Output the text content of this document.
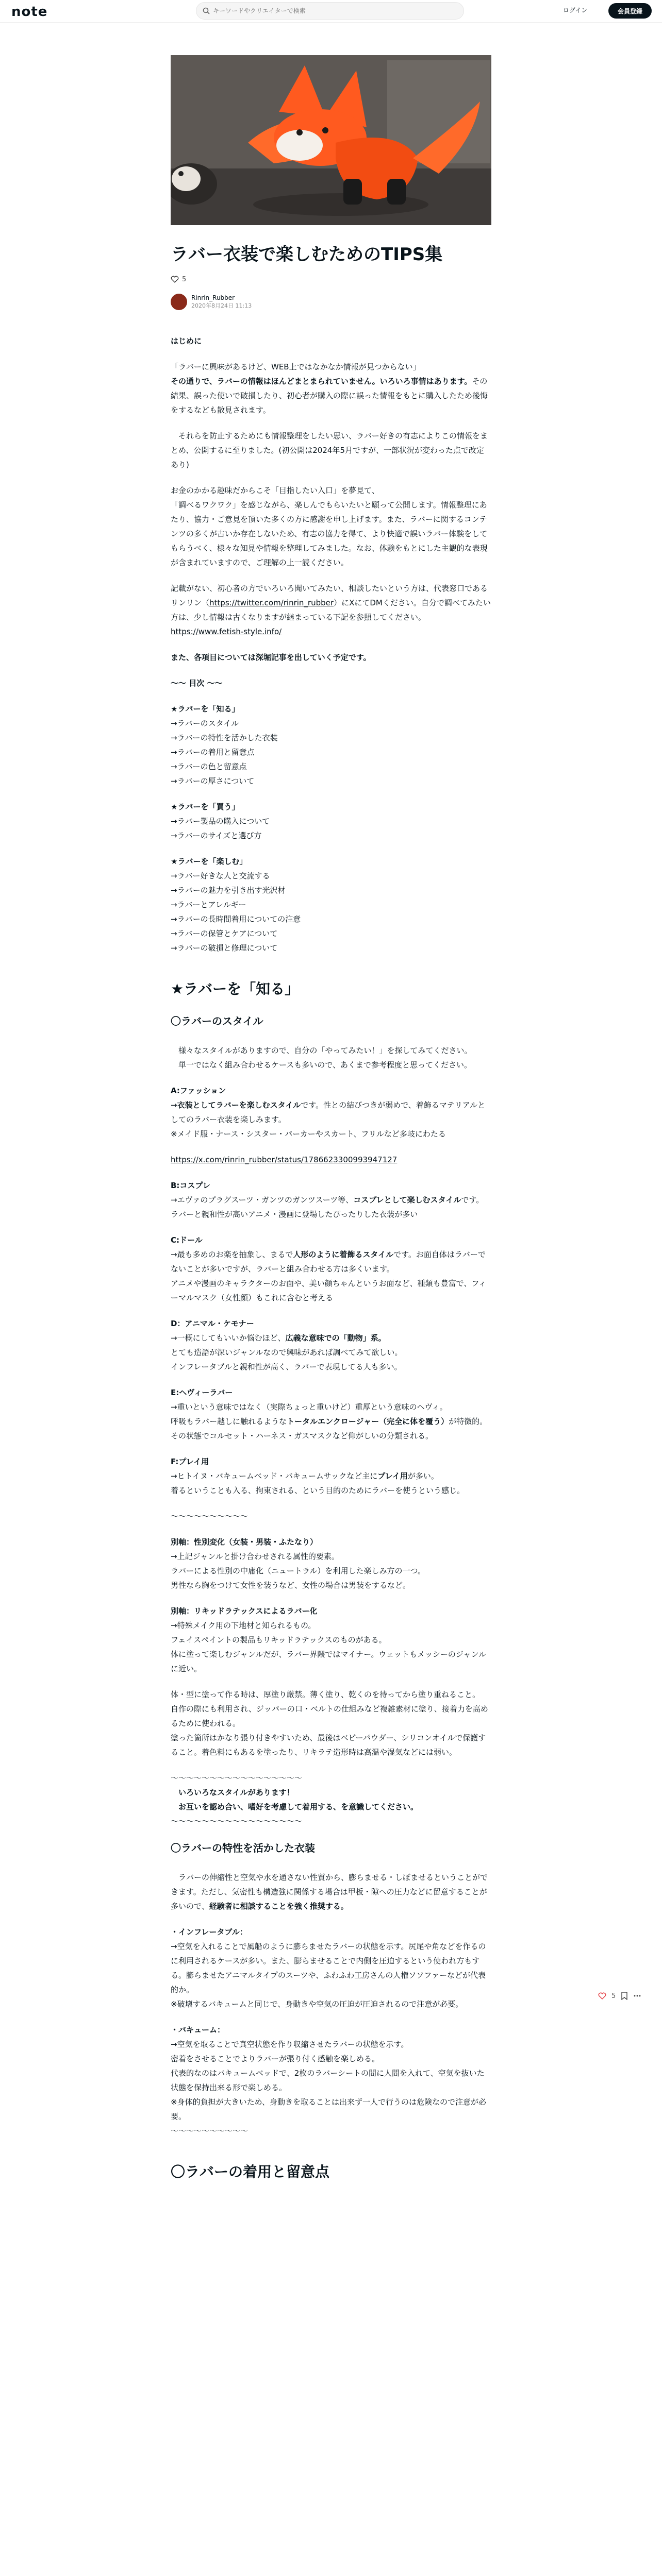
note
キーワードやクリエイターで検索	ログイン	会員登録
ラバー衣装で楽しむためのTIPS集
5
Rinrin_Rubber
2020年8月24日 11:13

はじめに

「ラバーに興味があるけど、WEB上ではなかなか情報が見つからない」
その通りで、ラバーの情報はほんどまとまられていません。いろいろ事情はあります。その結果、誤った使いで破損したり、初心者が購入の際に誤った情報をもとに購入したため後悔をするなども散見されます。

　それらを防止するためにも情報整理をしたい思い、ラバー好きの有志によりこの情報をまとめ、公開するに至りました。(初公開は2024年5月ですが、一部状況が変わった点で改定あり)

お金のかかる趣味だからこそ「目指したい入口」を夢見て、
「調べるワクワク」を感じながら、楽しんでもらいたいと願って公開します。情報整理にあたり、協力・ご意見を頂いた多くの方に感謝を申し上げます。また、ラバーに関するコンテンツの多くが古いか存在しないため、有志の協力を得て、より快適で誤いラバー体験をしてもらうべく、様々な知見や情報を整理してみました。なお、体験をもとにした主観的な表現が含まれていますので、ご理解の上一読ください。

記載がない、初心者の方でいろいろ聞いてみたい、相談したいという方は、代表窓口であるリンリン（https://twitter.com/rinrin_rubber）にXにてDMください。自分で調べてみたい方は、少し情報は古くなりますが継まっている下記を参照してください。
https://www.fetish-style.info/

また、各項目については深堀記事を出していく予定です。

〜〜 目次 〜〜

★ラバーを「知る」
→ラバーのスタイル
→ラバーの特性を活かした衣装
→ラバーの着用と留意点
→ラバーの色と留意点
→ラバーの厚さについて

★ラバーを「買う」
→ラバー製品の購入について
→ラバーのサイズと選び方

★ラバーを「楽しむ」
→ラバー好きな人と交流する
→ラバーの魅力を引き出す光沢材
→ラバーとアレルギー
→ラバーの長時間着用についての注意
→ラバーの保管とケアについて
→ラバーの破損と修理について

★ラバーを「知る」
〇ラバーのスタイル

　様々なスタイルがありますので、自分の「やってみたい！」を探してみてください。
　単一ではなく組み合わせるケースも多いので、あくまで参考程度と思ってください。

A:ファッション
→衣装としてラバーを楽しむスタイルです。性との結びつきが弱めで、着飾るマテリアルとしてのラバー衣装を楽しみます。
※メイド服・ナース・シスター・パーカーやスカート、フリルなど多岐にわたる

https://x.com/rinrin_rubber/status/1786623300993947127

B:コスプレ
→エヴァのプラグスーツ・ガンツのガンツスーツ等、コスプレとして楽しむスタイルです。ラバーと親和性が高いアニメ・漫画に登場したぴったりした衣装が多い

C:ドール
→最も多めのお楽を抽象し、まるで人形のように着飾るスタイルです。お面自体はラバーでないことが多いですが、ラバーと組み合わせる方は多くいます。
アニメや漫画のキャラクターのお面や、美い顔ちゃんというお面など、種類も豊富で、フィーマルマスク（女性顔）もこれに含むと考える

D：アニマル・ケモナー
→一概にしてもいいか悩むほど、広義な意味での「動物」系。
とても造語が深いジャンルなので興味があれば調べてみて欲しい。
インフレータブルと親和性が高く、ラバーで表現してる人も多い。

E:ヘヴィーラバー
→重いという意味ではなく（実際ちょっと重いけど）重厚という意味のヘヴィ。
呼吸もラバー越しに触れるようなトータルエンクロージャー（完全に体を覆う）が特徴的。
その状態でコルセット・ハーネス・ガスマスクなど仰がしいの分類される。

F:プレイ用
→ヒトイヌ・バキュームベッド・バキュームサックなど主にプレイ用が多い。
着るということも入る、拘束される、という目的のためにラバーを使うという感じ。

〜〜〜〜〜〜〜〜〜〜

別軸：性別変化（女装・男装・ふたなり）
→上記ジャンルと掛け合わせされる属性的要素。
ラバーによる性別の中庸化（ニュートラル）を利用した楽しみ方の一つ。
男性なら胸をつけて女性を装うなど、女性の場合は男装をするなど。

別軸：リキッドラテックスによるラバー化
→特殊メイク用の下地材と知られるもの。
フェイスペイントの製品もリキッドラテックスのものがある。
体に塗って楽しむジャンルだが、ラバー界隈ではマイナー。ウェットもメッシーのジャンルに近い。

体・型に塗って作る時は、厚塗り厳禁。薄く塗り、乾くのを待ってから塗り重ねること。
自作の際にも利用され、ジッパーの口・ベルトの仕組みなど複雑素材に塗り、接着力を高めるために使われる。
塗った箇所はかなり張り付きやすいため、最後はベビーパウダー、シリコンオイルで保護すること。着色料にもあるを塗ったり、リキラテ造形時は高温や湿気などには弱い。

〜〜〜〜〜〜〜〜〜〜〜〜〜〜〜〜〜
　いろいろなスタイルがあります！
　お互いを認め合い、嗜好を考慮して着用する、を意識してください。
〜〜〜〜〜〜〜〜〜〜〜〜〜〜〜〜〜

〇ラバーの特性を活かした衣装

　ラバーの伸縮性と空気や水を通さない性質から、膨らませる・しぼませるということができます。ただし、気密性も構造強に関係する場合は甲板・隙への圧力などに留意することが多いので、経験者に相談することを強く推奨する。

・インフレータブル：
→空気を入れることで風船のように膨らませたラバーの状態を示す。尻尾や角などを作るのに利用されるケースが多い。また、膨らませることで内側を圧迫するという使われ方もする。膨らませたアニマルタイプのスーツや、ふわふわ工房さんの人権ソソファーなどが代表的か。
※破壊するバキュームと同じで、身動きや空気の圧迫が圧迫されるので注意が必要。

・バキューム：
→空気を取ることで真空状態を作り収縮させたラバーの状態を示す。
密着をさせることでよりラバーが張り付く感触を楽しめる。
代表的なのはバキュームベッドで、2枚のラバーシートの間に人間を入れて、空気を抜いた状態を保持出来る形で楽しめる。
※身体的負担が大きいため、身動きを取ることは出来ず一人で行うのは危険なので注意が必要。
〜〜〜〜〜〜〜〜〜〜

〇ラバーの着用と留意点
5
